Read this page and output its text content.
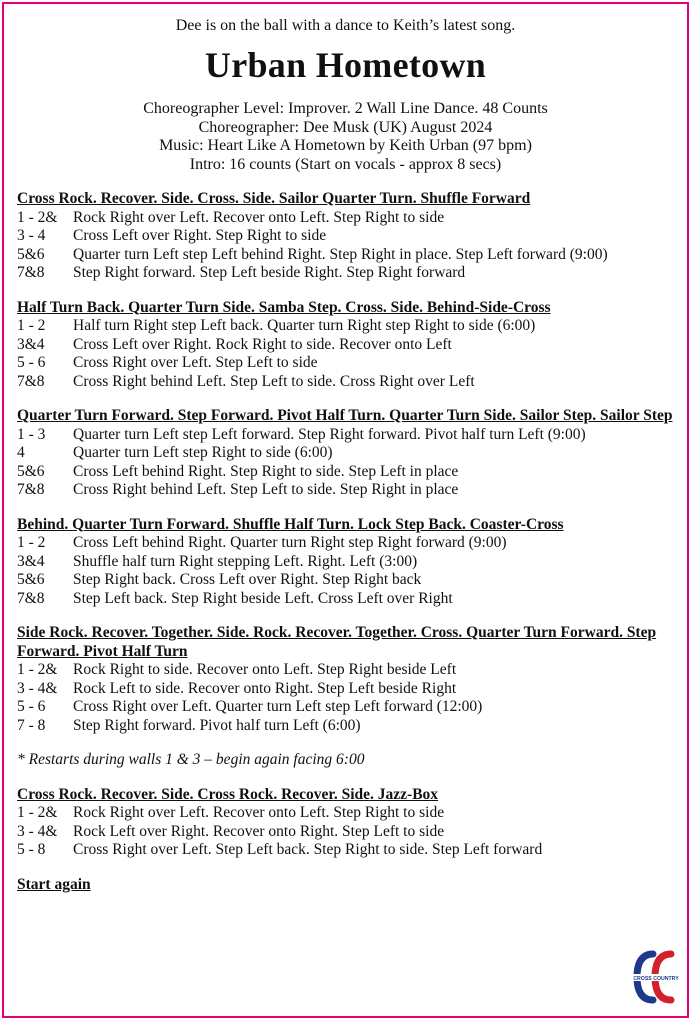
Dee is on the ball with a dance to Keith’s latest song.
Urban Hometown
Choreographer Level: Improver. 2 Wall Line Dance. 48 Counts
Choreographer: Dee Musk (UK) August 2024
Music: Heart Like A Hometown by Keith Urban (97 bpm)
Intro: 16 counts (Start on vocals - approx 8 secs)
Cross Rock. Recover. Side. Cross. Side. Sailor Quarter Turn. Shuffle Forward
1 - 2&	Rock Right over Left. Recover onto Left. Step Right to side
3 - 4	Cross Left over Right. Step Right to side
5&6	Quarter turn Left step Left behind Right. Step Right in place. Step Left forward (9:00)
7&8	Step Right forward. Step Left beside Right. Step Right forward
Half Turn Back. Quarter Turn Side. Samba Step. Cross. Side. Behind-Side-Cross
1 - 2	Half turn Right step Left back. Quarter turn Right step Right to side (6:00)
3&4	Cross Left over Right. Rock Right to side. Recover onto Left
5 - 6	Cross Right over Left. Step Left to side
7&8	Cross Right behind Left. Step Left to side. Cross Right over Left
Quarter Turn Forward. Step Forward. Pivot Half Turn. Quarter Turn Side. Sailor Step. Sailor Step
1 - 3	Quarter turn Left step Left forward. Step Right forward. Pivot half turn Left (9:00)
4	Quarter turn Left step Right to side (6:00)
5&6	Cross Left behind Right. Step Right to side. Step Left in place
7&8	Cross Right behind Left. Step Left to side. Step Right in place
Behind. Quarter Turn Forward. Shuffle Half Turn. Lock Step Back. Coaster-Cross
1 - 2	Cross Left behind Right. Quarter turn Right step Right forward (9:00)
3&4	Shuffle half turn Right stepping Left. Right. Left (3:00)
5&6	Step Right back. Cross Left over Right. Step Right back
7&8	Step Left back. Step Right beside Left. Cross Left over Right
Side Rock. Recover. Together. Side. Rock. Recover. Together. Cross. Quarter Turn Forward. Step Forward. Pivot Half Turn
1 - 2&	Rock Right to side. Recover onto Left. Step Right beside Left
3 - 4&	Rock Left to side. Recover onto Right. Step Left beside Right
5 - 6	Cross Right over Left. Quarter turn Left step Left forward (12:00)
7 - 8	Step Right forward. Pivot half turn Left (6:00)
* Restarts during walls 1 & 3 – begin again facing 6:00
Cross Rock. Recover. Side. Cross Rock. Recover. Side. Jazz-Box
1 - 2&	Rock Right over Left. Recover onto Left. Step Right to side
3 - 4&	Rock Left over Right. Recover onto Right. Step Left to side
5 - 8	Cross Right over Left. Step Left back. Step Right to side. Step Left forward
Start again
CROSS COUNTRY
